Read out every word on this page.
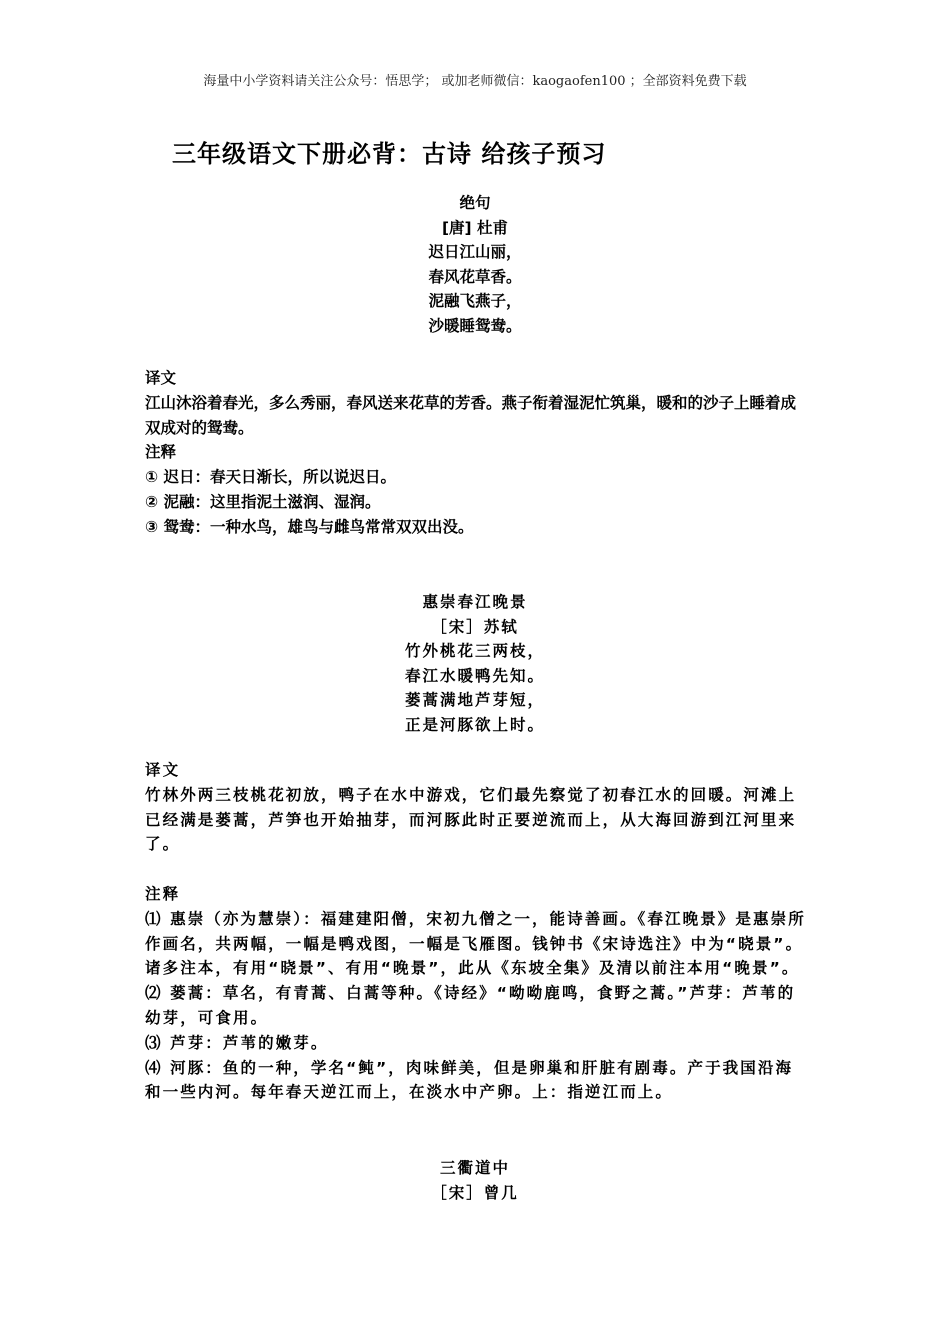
海量中小学资料请关注公众号：悟思学； 或加老师微信：kaogaofen100 ；全部资料免费下载
三年级语文下册必背：古诗 给孩子预习
绝句
[唐] 杜甫
迟日江山丽，
春风花草香。
泥融飞燕子，
沙暖睡鸳鸯。
译文

江山沐浴着春光，多么秀丽，春风送来花草的芳香。燕子衔着湿泥忙筑巢，暖和的沙子上睡着成双成对的鸳鸯。

注释
① 迟日：春天日渐长，所以说迟日。
② 泥融：这里指泥土滋润、湿润。
③ 鸳鸯：一种水鸟，雄鸟与雌鸟常常双双出没。
惠崇春江晚景
［宋］苏轼
竹外桃花三两枝，
春江水暖鸭先知。
蒌蒿满地芦芽短，
正是河豚欲上时。
译文

竹林外两三枝桃花初放，鸭子在水中游戏，它们最先察觉了初春江水的回暖。河滩上已经满是蒌蒿，芦笋也开始抽芽，而河豚此时正要逆流而上，从大海回游到江河里来了。

注释

⑴ 惠崇（亦为慧崇）：福建建阳僧，宋初九僧之一，能诗善画。《春江晚景》是惠崇所作画名，共两幅，一幅是鸭戏图，一幅是飞雁图。钱钟书《宋诗选注》中为“晓景”。诸多注本，有用“晓景”、有用“晚景”，此从《东坡全集》及清以前注本用“晚景”。

⑵ 蒌蒿：草名，有青蒿、白蒿等种。《诗经》“呦呦鹿鸣，食野之蒿。”芦芽：芦苇的幼芽，可食用。

⑶ 芦芽：芦苇的嫩芽。

⑷ 河豚：鱼的一种，学名“鲀”，肉味鲜美，但是卵巢和肝脏有剧毒。产于我国沿海和一些内河。每年春天逆江而上，在淡水中产卵。上：指逆江而上。

三衢道中
［宋］曾几
